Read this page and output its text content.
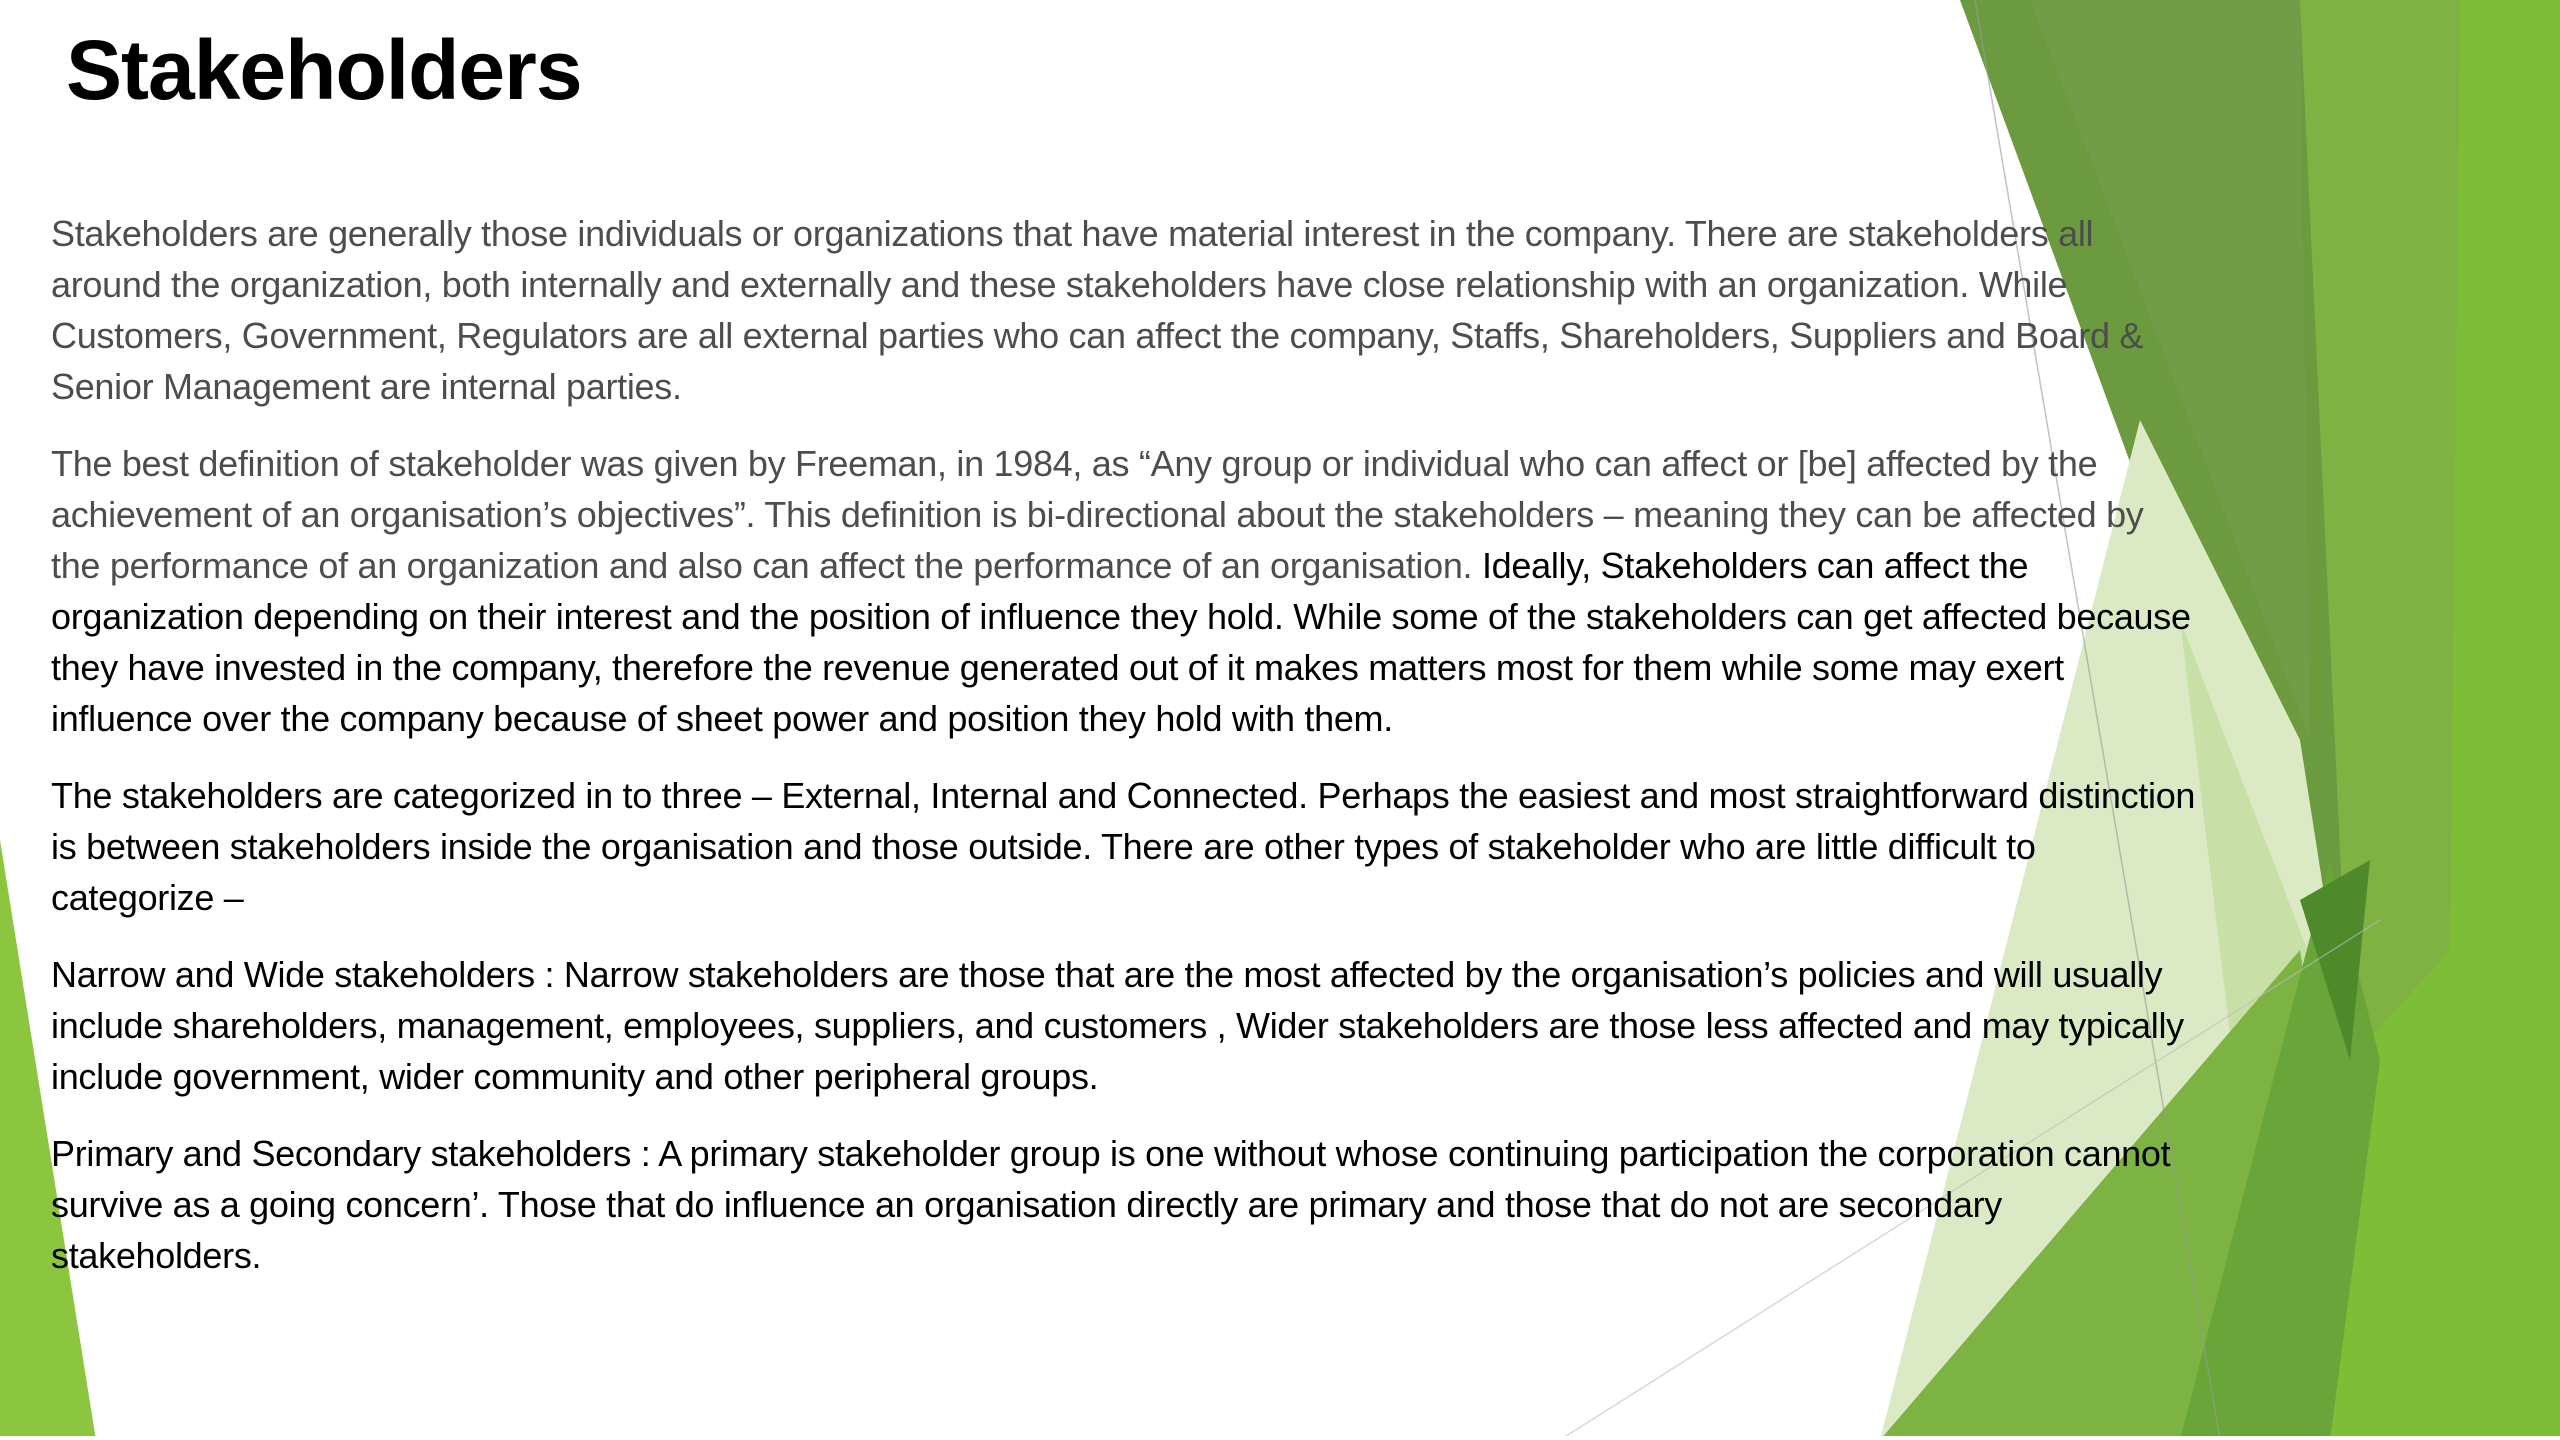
Stakeholders

Stakeholders are generally those individuals or organizations that have material interest in the company. There are stakeholders all around the organization, both internally and externally and these stakeholders have close relationship with an organization. While Customers, Government, Regulators are all external parties who can affect the company, Staffs, Shareholders, Suppliers and Board & Senior Management are internal parties.

The best definition of stakeholder was given by Freeman, in 1984, as “Any group or individual who can affect or [be] affected by the achievement of an organisation’s objectives”. This definition is bi-directional about the stakeholders – meaning they can be affected by the performance of an organization and also can affect the performance of an organisation. Ideally, Stakeholders can affect the organization depending on their interest and the position of influence they hold. While some of the stakeholders can get affected because they have invested in the company, therefore the revenue generated out of it makes matters most for them while some may exert influence over the company because of sheet power and position they hold with them.

The stakeholders are categorized in to three – External, Internal and Connected. Perhaps the easiest and most straightforward distinction is between stakeholders inside the organisation and those outside. There are other types of stakeholder who are little difficult to categorize –

Narrow and Wide stakeholders : Narrow stakeholders are those that are the most affected by the organisation’s policies and will usually include shareholders, management, employees, suppliers, and customers , Wider stakeholders are those less affected and may typically include government, wider community and other peripheral groups.

Primary and Secondary stakeholders : A primary stakeholder group is one without whose continuing participation the corporation cannot survive as a going concern’. Those that do influence an organisation directly are primary and those that do not are secondary stakeholders.
